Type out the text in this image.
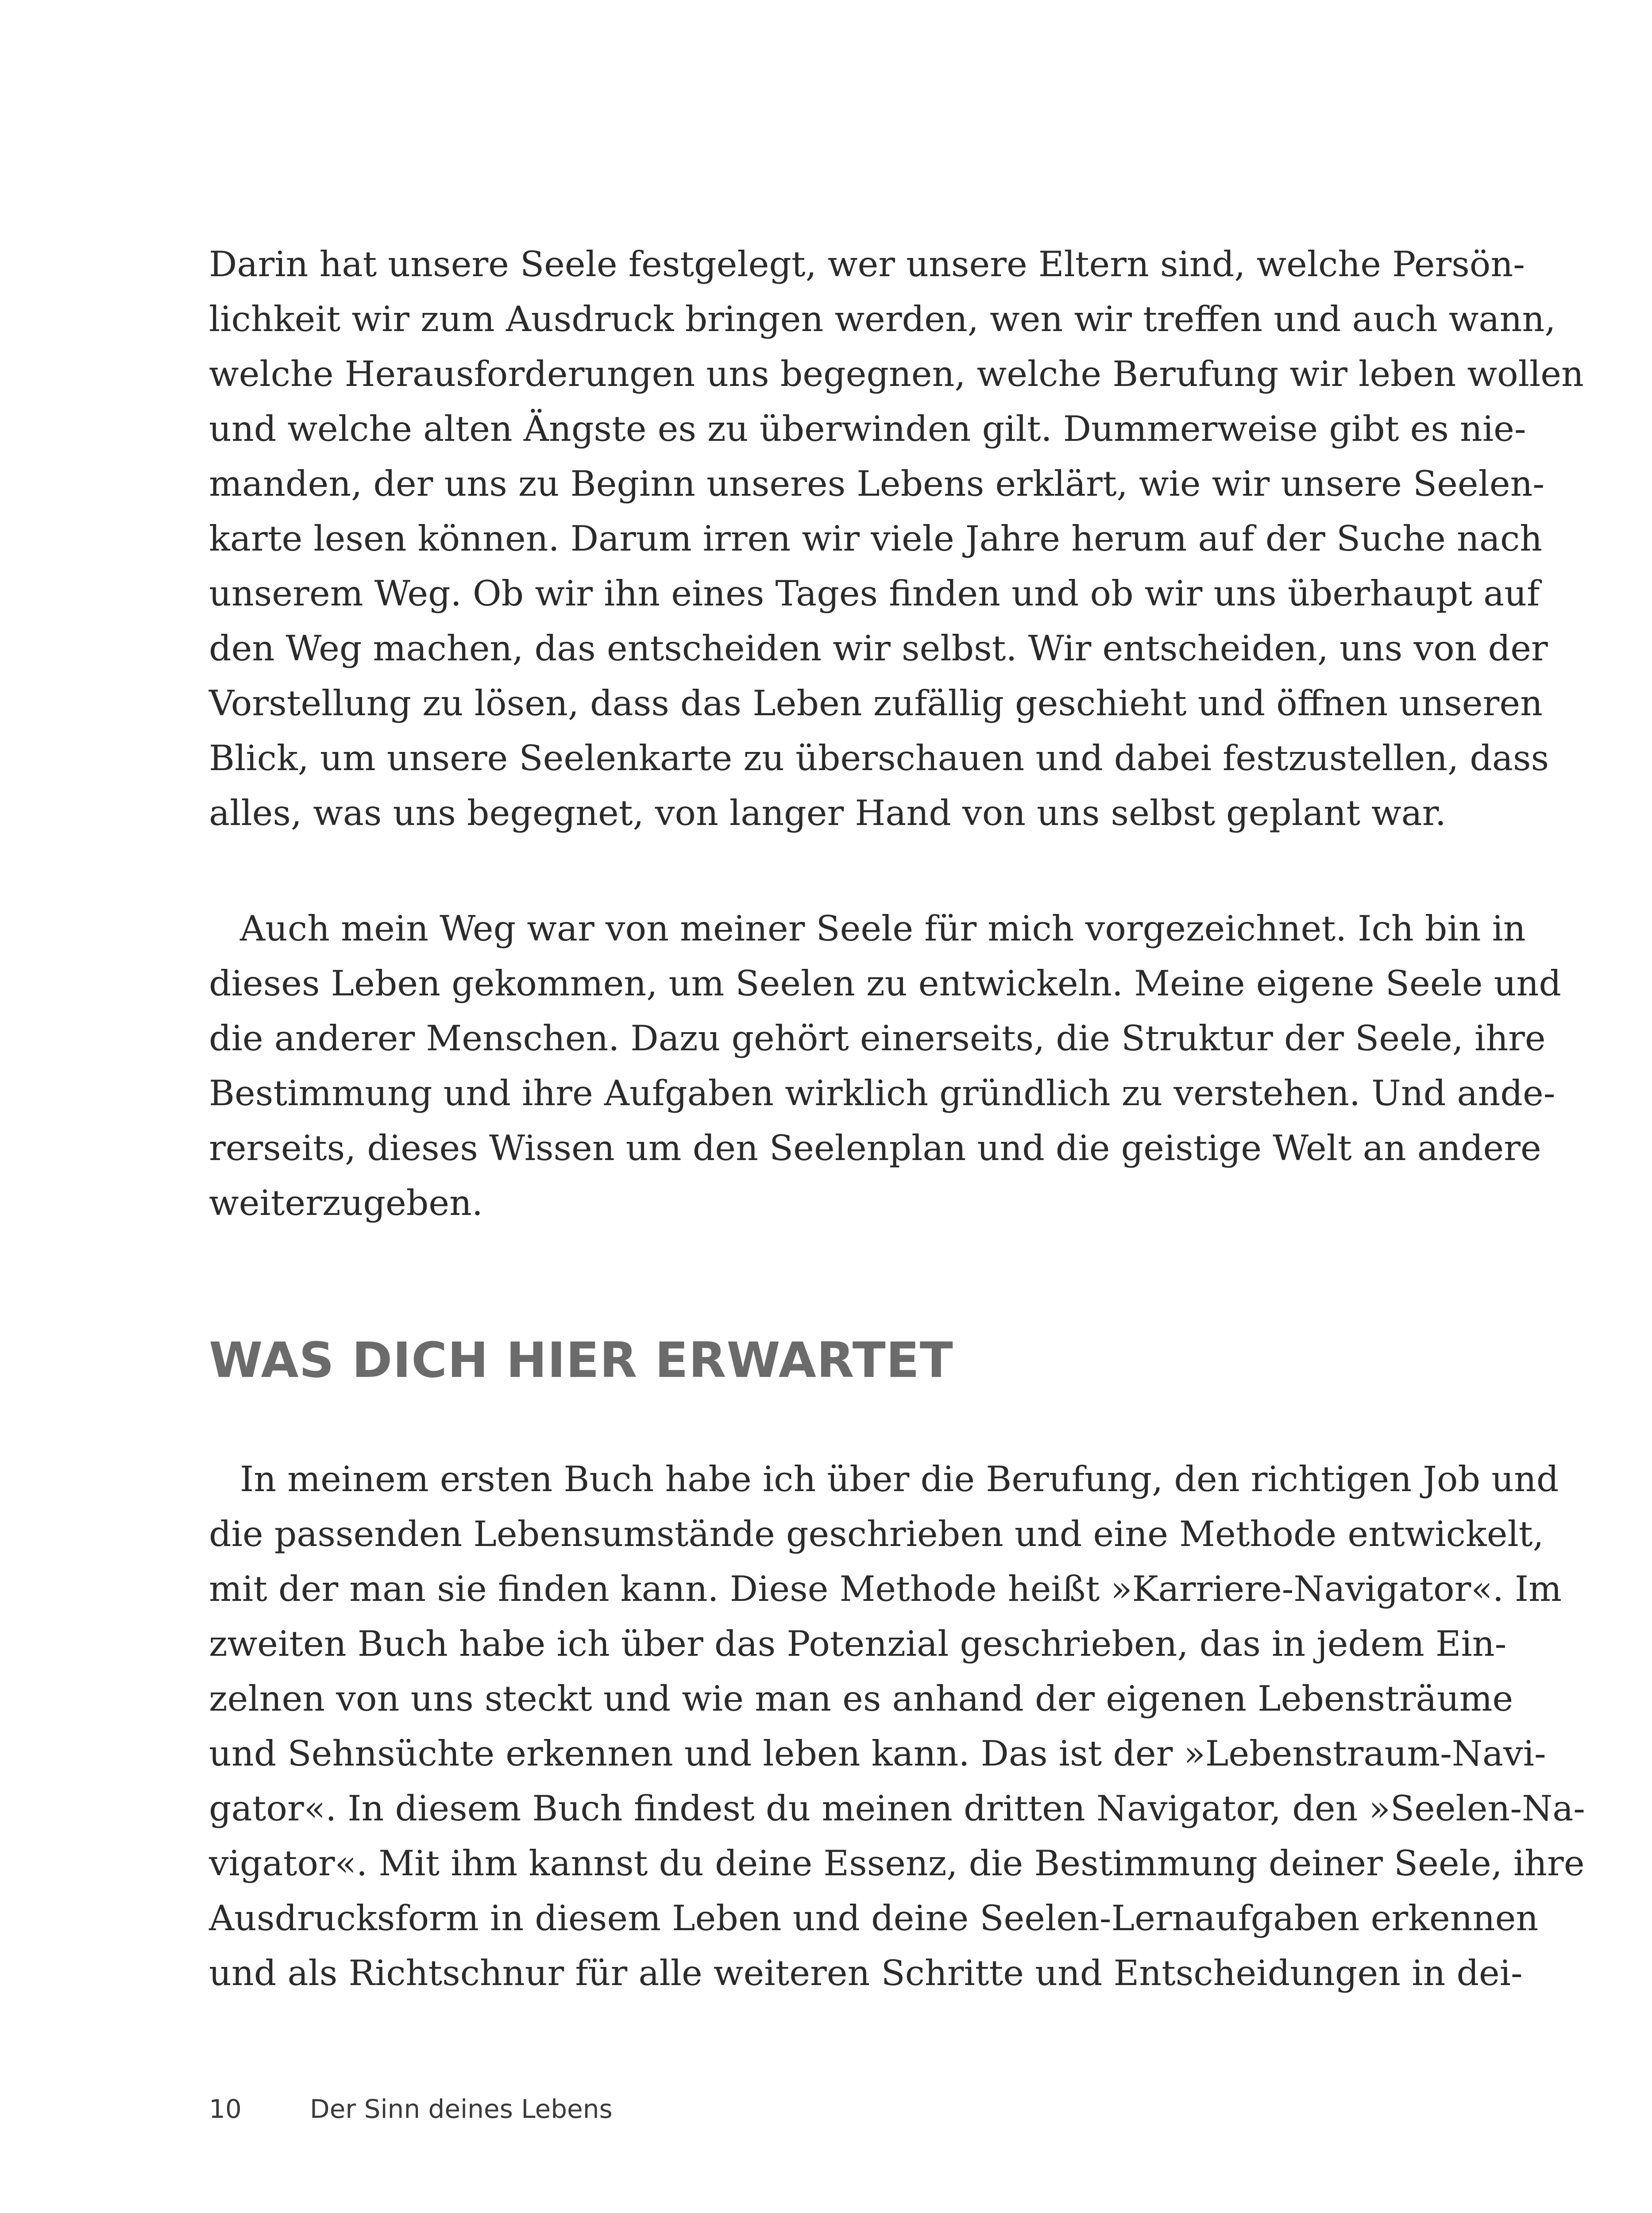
Darin hat unsere Seele festgelegt, wer unsere Eltern sind, welche Persön-

lichkeit wir zum Ausdruck bringen werden, wen wir treffen und auch wann,

welche Herausforderungen uns begegnen, welche Berufung wir leben wollen

und welche alten Ängste es zu überwinden gilt. Dummerweise gibt es nie-

manden, der uns zu Beginn unseres Lebens erklärt, wie wir unsere Seelen-

karte lesen können. Darum irren wir viele Jahre herum auf der Suche nach

unserem Weg. Ob wir ihn eines Tages finden und ob wir uns überhaupt auf

den Weg machen, das entscheiden wir selbst. Wir entscheiden, uns von der

Vorstellung zu lösen, dass das Leben zufällig geschieht und öffnen unseren

Blick, um unsere Seelenkarte zu überschauen und dabei festzustellen, dass

alles, was uns begegnet, von langer Hand von uns selbst geplant war.

Auch mein Weg war von meiner Seele für mich vorgezeichnet. Ich bin in

dieses Leben gekommen, um Seelen zu entwickeln. Meine eigene Seele und

die anderer Menschen. Dazu gehört einerseits, die Struktur der Seele, ihre

Bestimmung und ihre Aufgaben wirklich gründlich zu verstehen. Und ande-

rerseits, dieses Wissen um den Seelenplan und die geistige Welt an andere

weiterzugeben.

WAS DICH HIER ERWARTET

In meinem ersten Buch habe ich über die Berufung, den richtigen Job und

die passenden Lebensumstände geschrieben und eine Methode entwickelt,

mit der man sie finden kann. Diese Methode heißt »Karriere-Navigator«. Im

zweiten Buch habe ich über das Potenzial geschrieben, das in jedem Ein-

zelnen von uns steckt und wie man es anhand der eigenen Lebensträume

und Sehnsüchte erkennen und leben kann. Das ist der »Lebenstraum-Navi-

gator«. In diesem Buch findest du meinen dritten Navigator, den »Seelen-Na-

vigator«. Mit ihm kannst du deine Essenz, die Bestimmung deiner Seele, ihre

Ausdrucksform in diesem Leben und deine Seelen-Lernaufgaben erkennen

und als Richtschnur für alle weiteren Schritte und Entscheidungen in dei-

10	Der Sinn deines Lebens
